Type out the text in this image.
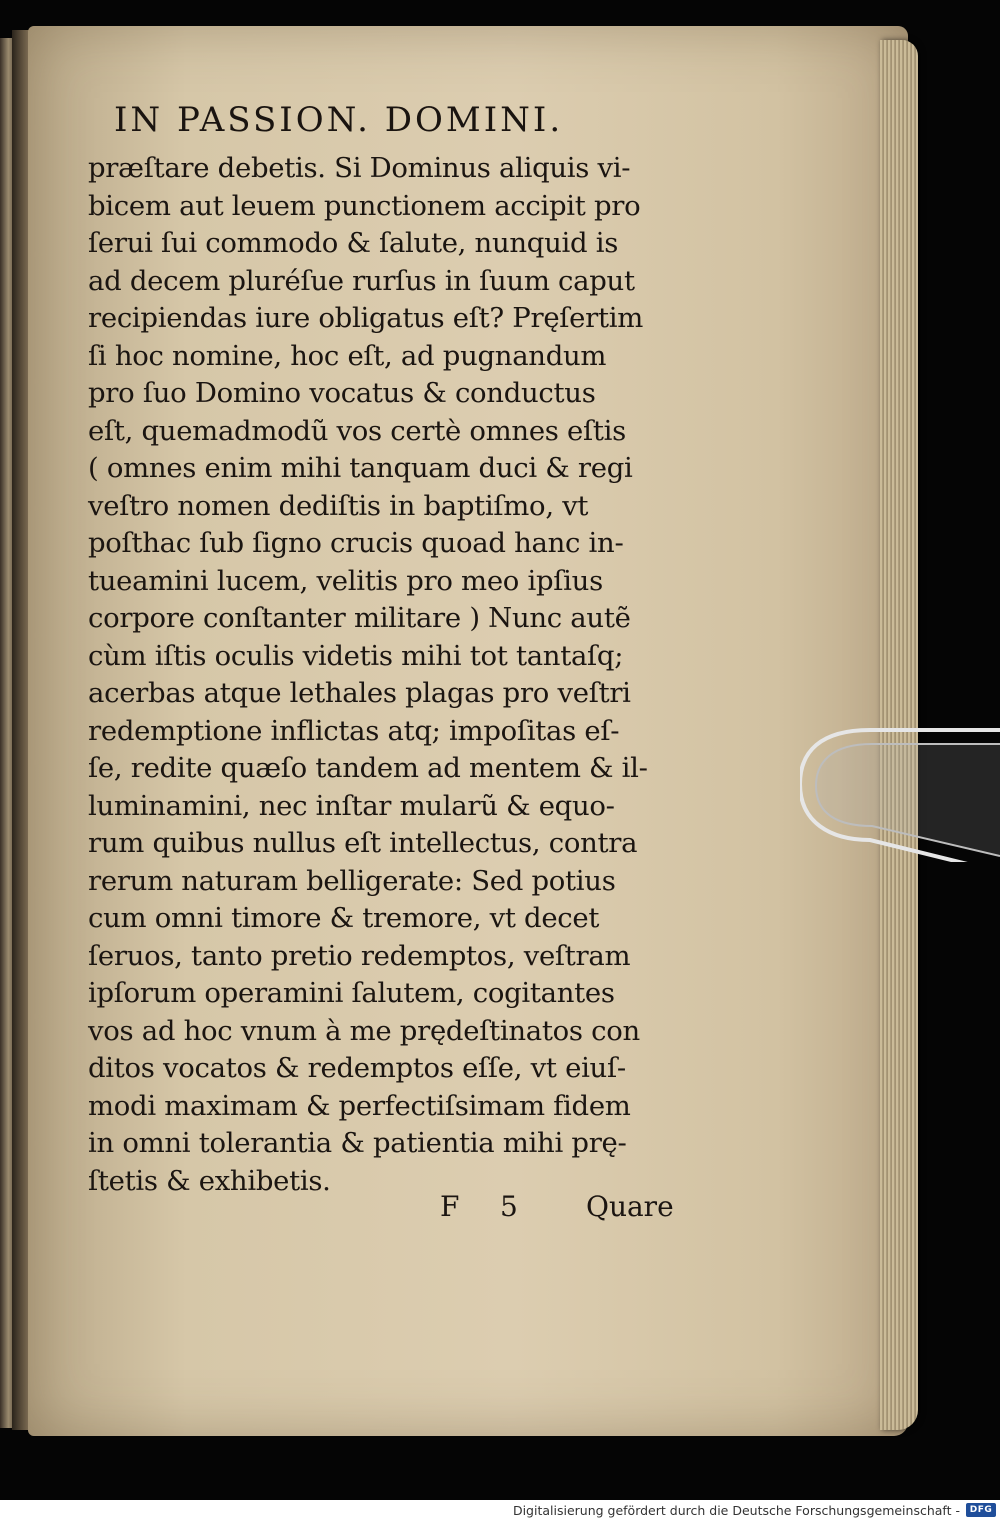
IN PASSION. DOMINI.
præſtare debetis. Si Dominus aliquis vi-
bicem aut leuem punctionem accipit pro
ſerui ſui commodo & ſalute, nunquid is
ad decem pluréſue rurſus in ſuum caput
recipiendas iure obligatus eſt? Pręſertim
ſi hoc nomine, hoc eſt, ad pugnandum
pro ſuo Domino vocatus & conductus
eſt, quemadmodũ vos certè omnes eſtis
( omnes enim mihi tanquam duci & regi
veſtro nomen dediſtis in baptiſmo, vt
poſthac ſub ſigno crucis quoad hanc in-
tueamini lucem, velitis pro meo ipſius
corpore conſtanter militare ) Nunc autẽ
cùm iſtis oculis videtis mihi tot tantaſq;
acerbas atque lethales plagas pro veſtri
redemptione inflictas atq; impoſitas eſ-
ſe, redite quæſo tandem ad mentem & il-
luminamini, nec inſtar mularũ & equo-
rum quibus nullus eſt intellectus, contra
rerum naturam belligerate: Sed potius
cum omni timore & tremore, vt decet
ſeruos, tanto pretio redemptos, veſtram
ipſorum operamini ſalutem, cogitantes
vos ad hoc vnum à me prędeſtinatos con
ditos vocatos & redemptos eſſe, vt eiuſ-
modi maximam & perfectiſsimam fidem
in omni tolerantia & patientia mihi prę-
ſtetis & exhibetis.
F 5 Quare
Digitalisierung gefördert durch die Deutsche Forschungsgemeinschaft -	DFG
